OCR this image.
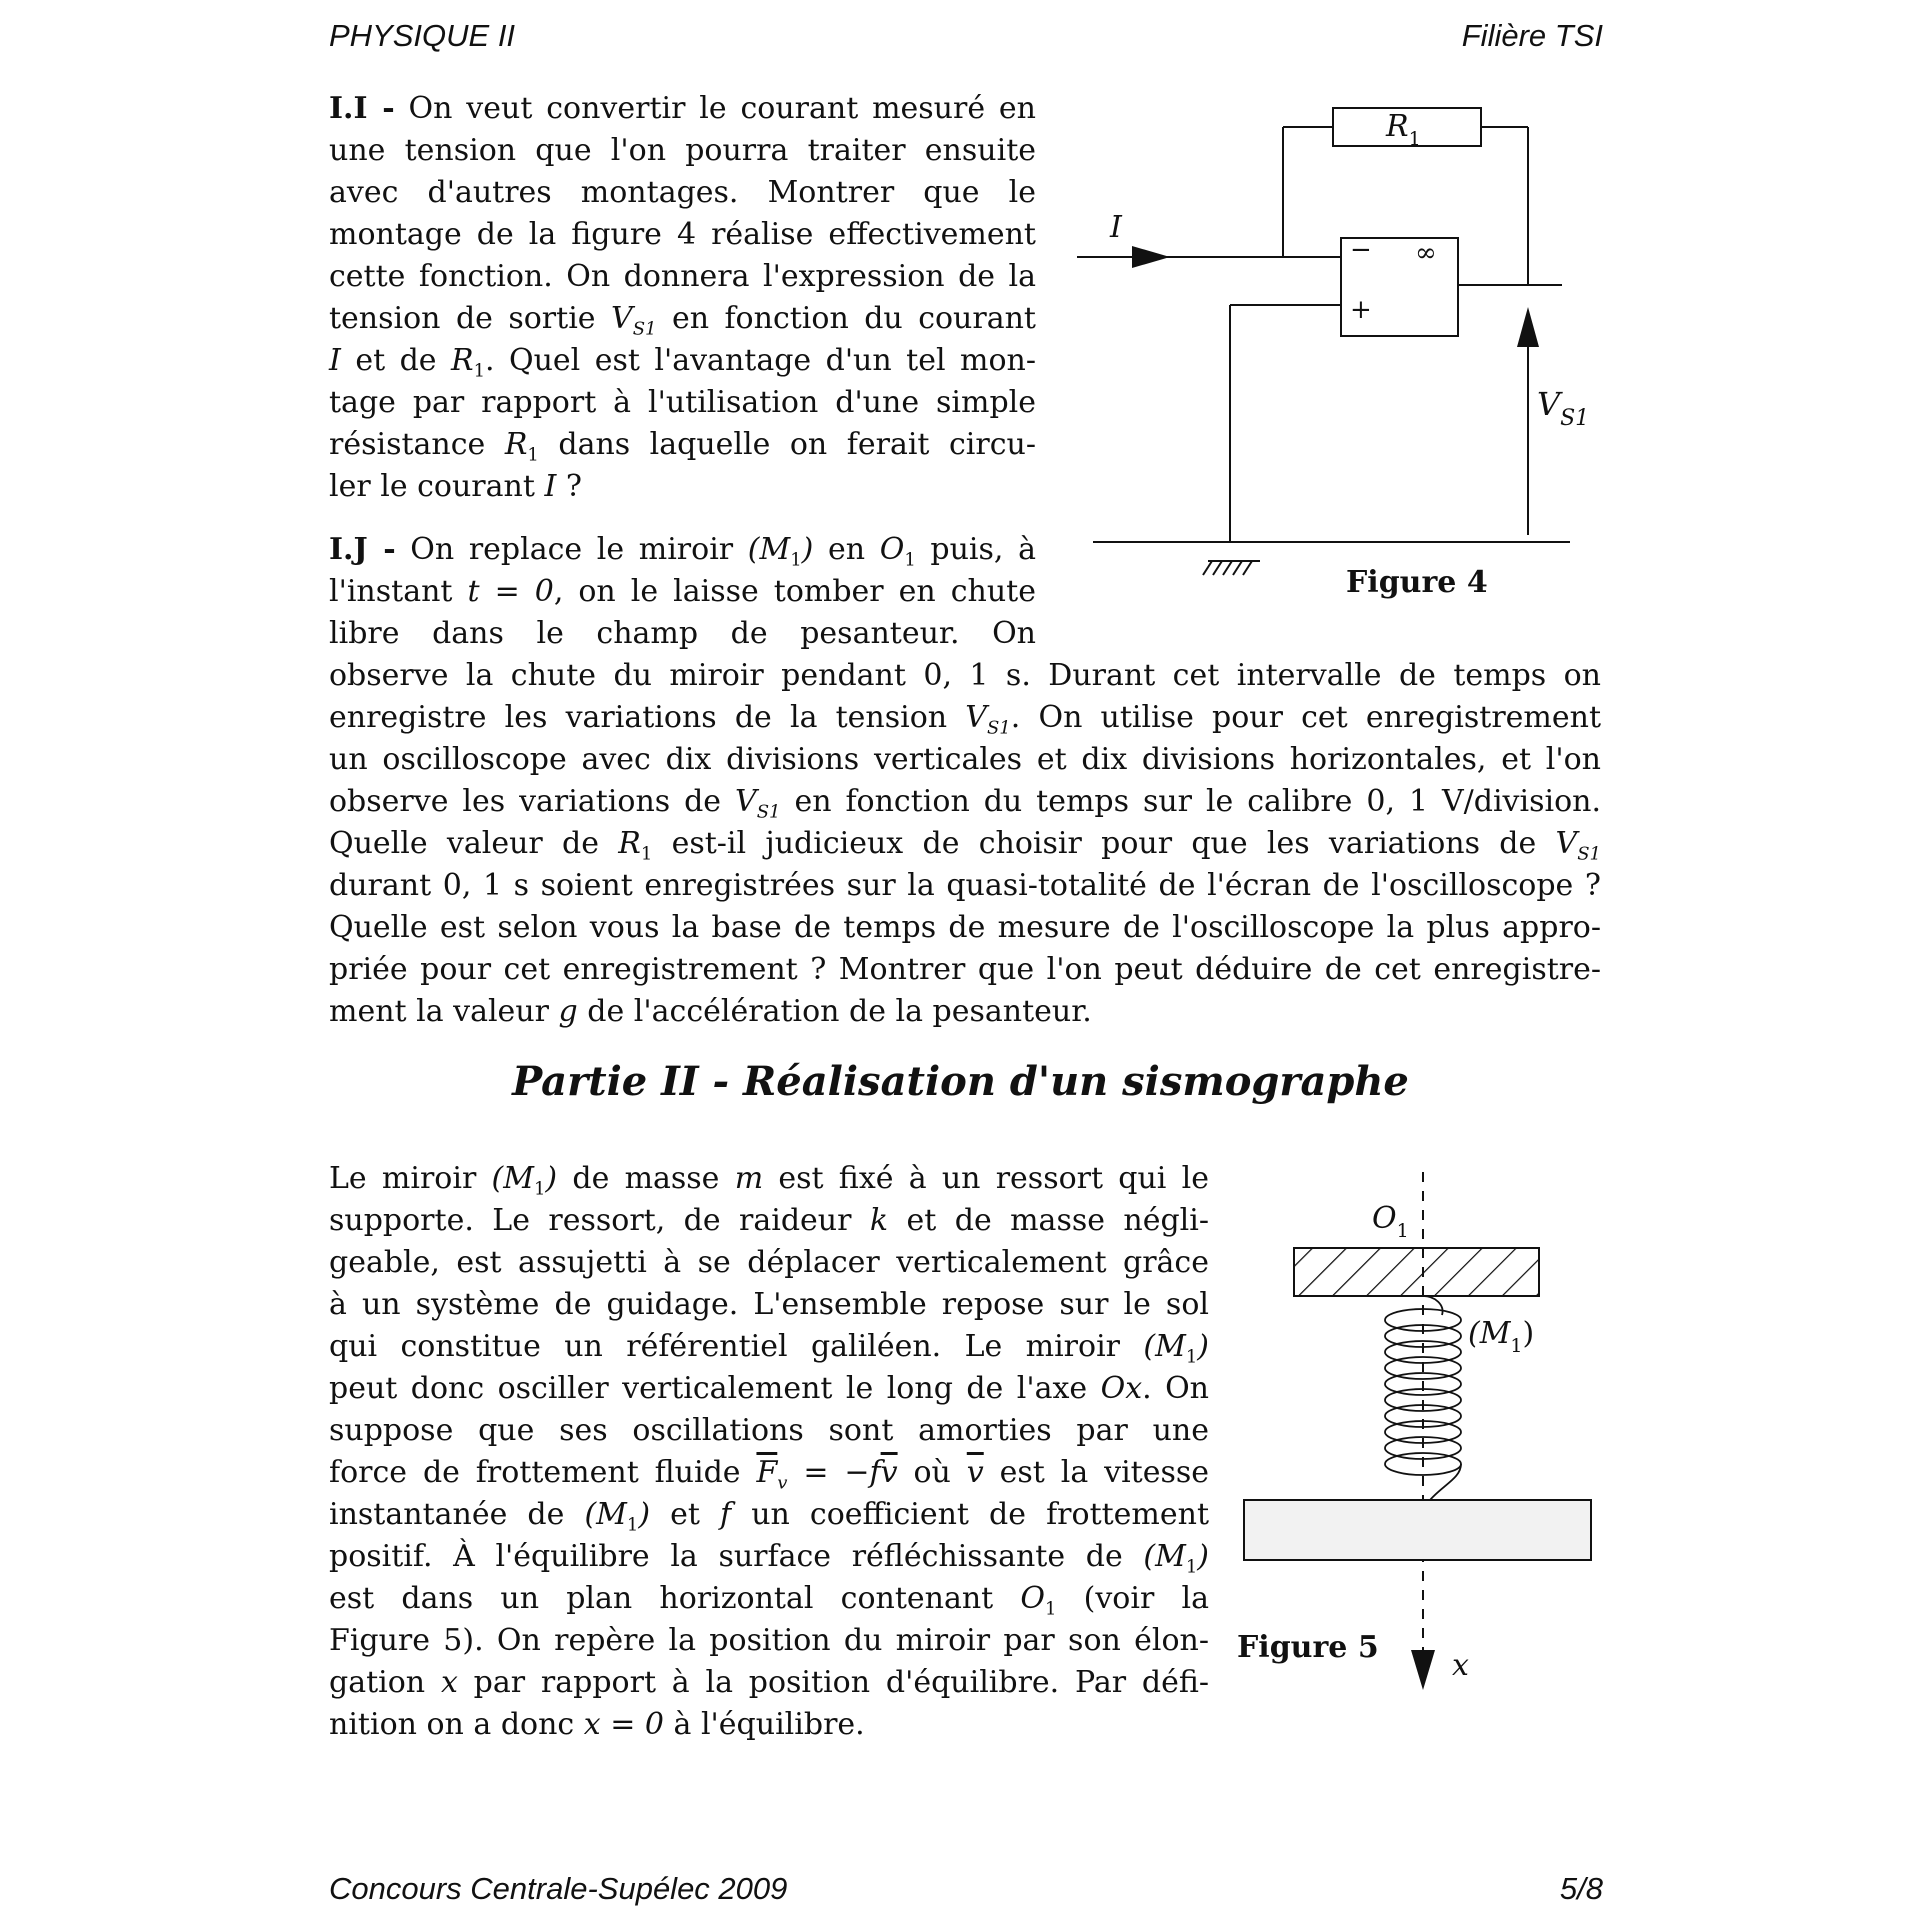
PHYSIQUE II	Filière TSI
I.I - On veut convertir le courant mesuré en
une tension que l'on pourra traiter ensuite
avec d'autres montages. Montrer que le
montage de la figure 4 réalise effectivement
cette fonction. On donnera l'expression de la
tension de sortie $V_{S1}$ en fonction du courant
I et de $R_1$. Quel est l'avantage d'un tel mon-
tage par rapport à l'utilisation d'une simple
résistance $R_1$ dans laquelle on ferait circu-
ler le courant I ?
I.J - On replace le miroir $(M_1)$ en $O_1$ puis, à
l'instant t = 0, on le laisse tomber en chute
libre dans le champ de pesanteur. On
observe la chute du miroir pendant 0, 1 s. Durant cet intervalle de temps on
enregistre les variations de la tension $V_{S1}$. On utilise pour cet enregistrement
un oscilloscope avec dix divisions verticales et dix divisions horizontales, et l'on
observe les variations de $V_{S1}$ en fonction du temps sur le calibre 0, 1 V/division.
Quelle valeur de $R_1$ est-il judicieux de choisir pour que les variations de $V_{S1}$
durant 0, 1 s soient enregistrées sur la quasi-totalité de l'écran de l'oscilloscope ?
Quelle est selon vous la base de temps de mesure de l'oscilloscope la plus appro-
priée pour cet enregistrement ? Montrer que l'on peut déduire de cet enregistre-
ment la valeur g de l'accélération de la pesanteur.
Partie II - Réalisation d'un sismographe
Le miroir $(M_1)$ de masse m est fixé à un ressort qui le
supporte. Le ressort, de raideur k et de masse négli-
geable, est assujetti à se déplacer verticalement grâce
à un système de guidage. L'ensemble repose sur le sol
qui constitue un référentiel galiléen. Le miroir $(M_1)$
peut donc osciller verticalement le long de l'axe Ox. On
suppose que ses oscillations sont amorties par une
force de frottement fluide $\overline{F}_v = -f\overline{v}$ où $\overline{v}$ est la vitesse
instantanée de $(M_1)$ et f un coefficient de frottement
positif. À l'équilibre la surface réfléchissante de $(M_1)$
est dans un plan horizontal contenant $O_1$ (voir la
Figure 5). On repère la position du miroir par son élon-
gation x par rapport à la position d'équilibre. Par défi-
nition on a donc x = 0 à l'équilibre.
$R_1$
I
$V_{S1}$
− ∞
+
Figure 4
$O_1$
$(M_1)$
x
Figure 5
Concours Centrale-Supélec 2009	5/8
